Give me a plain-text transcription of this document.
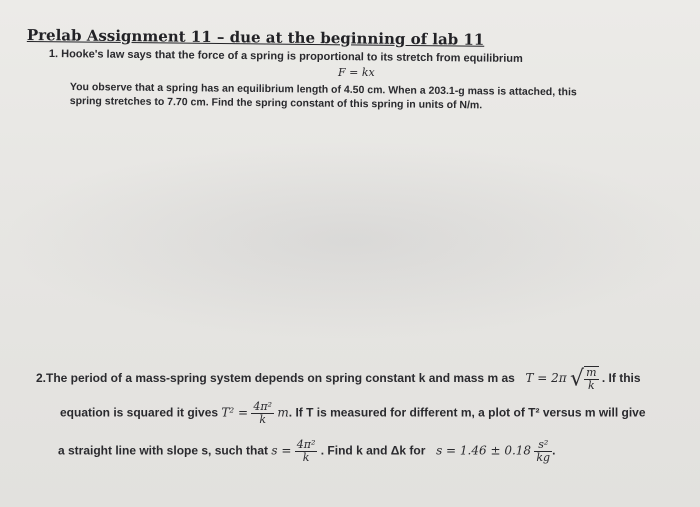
Prelab Assignment 11 – due at the beginning of lab 11
1. Hooke's law says that the force of a spring is proportional to its stretch from equilibrium
F = kx
You observe that a spring has an equilibrium length of 4.50 cm. When a 203.1-g mass is attached, this
spring stretches to 7.70 cm. Find the spring constant of this spring in units of N/m.
2.The period of a mass-spring system depends on spring constant k and mass m as T = 2π √ $\frac{m}{k}$ . If this
equation is squared it gives $T^2 = \frac{\text{4π²}}{k} m$. If T is measured for different m, a plot of T² versus m will give
a straight line with slope s, such that $s = \frac{\text{4π²}}{k}$ . Find k and Δk for $s = 1.46 \pm 0.18 \frac{\text{s²}}{kg}$ .
